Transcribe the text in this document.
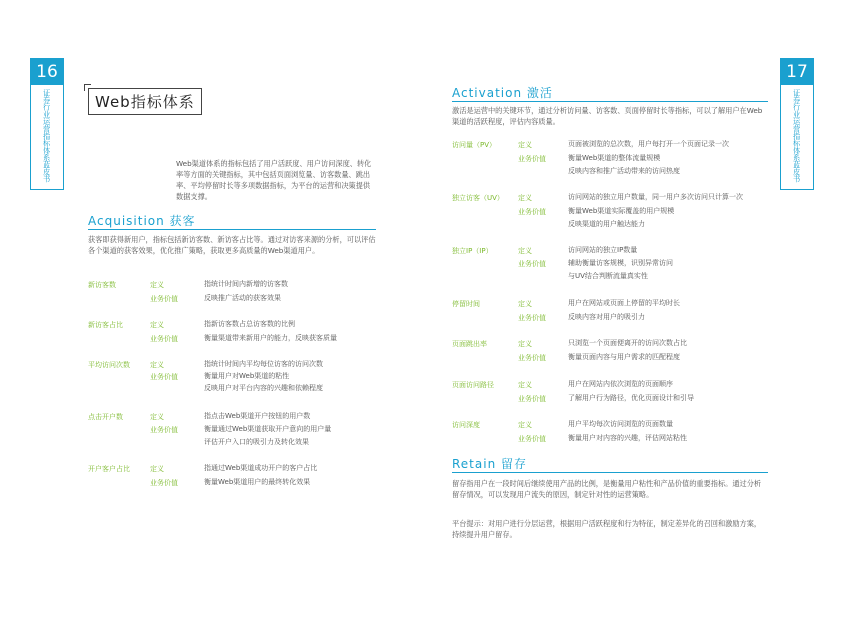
16
证券行业运营指标体系蓝皮书	Web指标体系
Web渠道体系的指标包括了用户活跃度、用户访问深度、转化率等方面的关键指标，其中包括页面浏览量、访客数量、跳出率、平均停留时长等多项数据指标，为平台的运营和决策提供数据支撑。
Acquisition 获客
获客即获得新用户，指标包括新访客数、新访客占比等。通过对访客来源的分析，可以评估各个渠道的获客效果，优化推广策略，获取更多高质量的Web渠道用户。
新访客数	定义	指统计时间内新增的访客数
业务价值	反映推广活动的获客效果
新访客占比	定义	指新访客数占总访客数的比例
业务价值	衡量渠道带来新用户的能力，反映获客质量
平均访问次数	定义	指统计时间内平均每位访客的访问次数
业务价值	衡量用户对Web渠道的粘性
反映用户对平台内容的兴趣和依赖程度
点击开户数	定义	指点击Web渠道开户按钮的用户数
业务价值	衡量通过Web渠道获取开户意向的用户量
评估开户入口的吸引力及转化效果
开户客户占比	定义	指通过Web渠道成功开户的客户占比
业务价值	衡量Web渠道用户的最终转化效果
17
证券行业运营指标体系蓝皮书
Activation 激活
激活是运营中的关键环节，通过分析访问量、访客数、页面停留时长等指标，可以了解用户在Web渠道的活跃程度，评估内容质量。
访问量（PV）	定义	页面被浏览的总次数，用户每打开一个页面记录一次
业务价值	衡量Web渠道的整体流量规模
反映内容和推广活动带来的访问热度
独立访客（UV） 定义	访问网站的独立用户数量，同一用户多次访问只计算一次
业务价值	衡量Web渠道实际覆盖的用户规模
反映渠道的用户触达能力
独立IP（IP）	定义	访问网站的独立IP数量
业务价值	辅助衡量访客规模，识别异常访问
与UV结合判断流量真实性
停留时间	定义	用户在网站或页面上停留的平均时长
业务价值	反映内容对用户的吸引力
页面跳出率	定义	只浏览一个页面便离开的访问次数占比
业务价值	衡量页面内容与用户需求的匹配程度
页面访问路径	定义	用户在网站内依次浏览的页面顺序
业务价值	了解用户行为路径，优化页面设计和引导
访问深度	定义	用户平均每次访问浏览的页面数量
业务价值	衡量用户对内容的兴趣，评估网站粘性
Retain 留存
留存指用户在一段时间后继续使用产品的比例，是衡量用户粘性和产品价值的重要指标。通过分析留存情况，可以发现用户流失的原因，制定针对性的运营策略。
平台提示：对用户进行分层运营，根据用户活跃程度和行为特征，制定差异化的召回和激励方案，持续提升用户留存。
